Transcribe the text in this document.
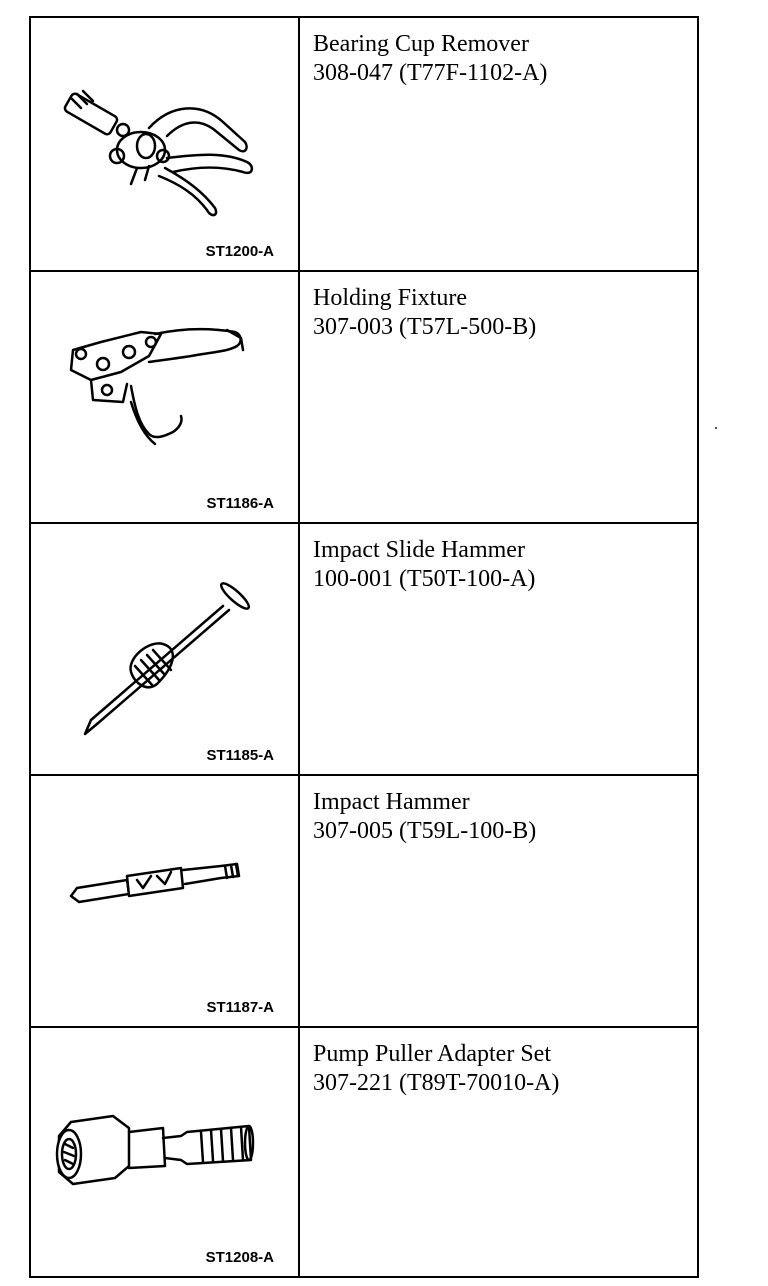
ST1200-A
Bearing Cup Remover
308-047 (T77F-1102-A)
ST1186-A
Holding Fixture
307-003 (T57L-500-B)
ST1185-A
Impact Slide Hammer
100-001 (T50T-100-A)
ST1187-A
Impact Hammer
307-005 (T59L-100-B)
ST1208-A
Pump Puller Adapter Set
307-221 (T89T-70010-A)
